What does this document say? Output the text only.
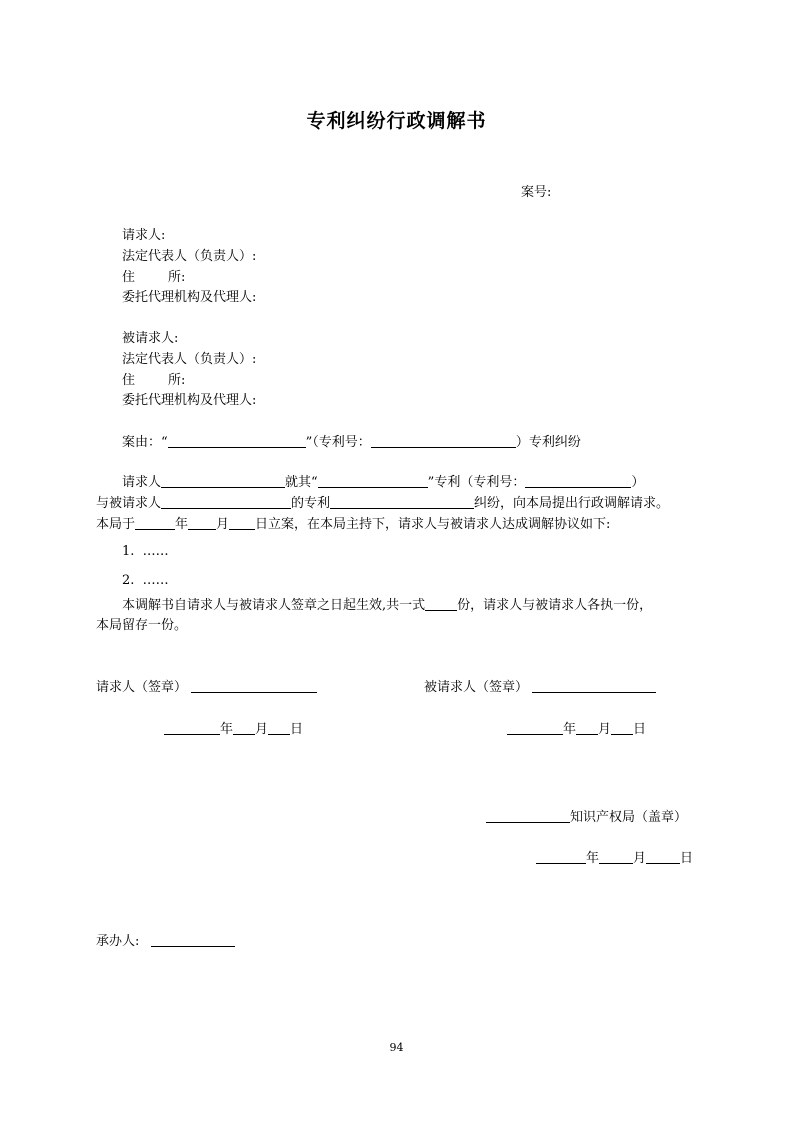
专利纠纷行政调解书
案号:
请求人:
法定代表人（负责人）:
住        所:
委托代理机构及代理人:
被请求人:
法定代表人（负责人）:
住        所:
委托代理机构及代理人:
案由：“	”（专利号：	）专利纠纷
请求人	就其“	”专利（专利号：	）
与被请求人	的专利	纠纷，向本局提出行政调解请求。
本局于	年 月 日立案，在本局主持下，请求人与被请求人达成调解协议如下:
1.  ……
2.  ……
本调解书自请求人与被请求人签章之日起生效,共一式 份，请求人与被请求人各执一份，
本局留存一份。
请求人（签章）	被请求人（签章）
年 月 日	年 月 日
知识产权局（盖章）
年	月	日
承办人:
94
